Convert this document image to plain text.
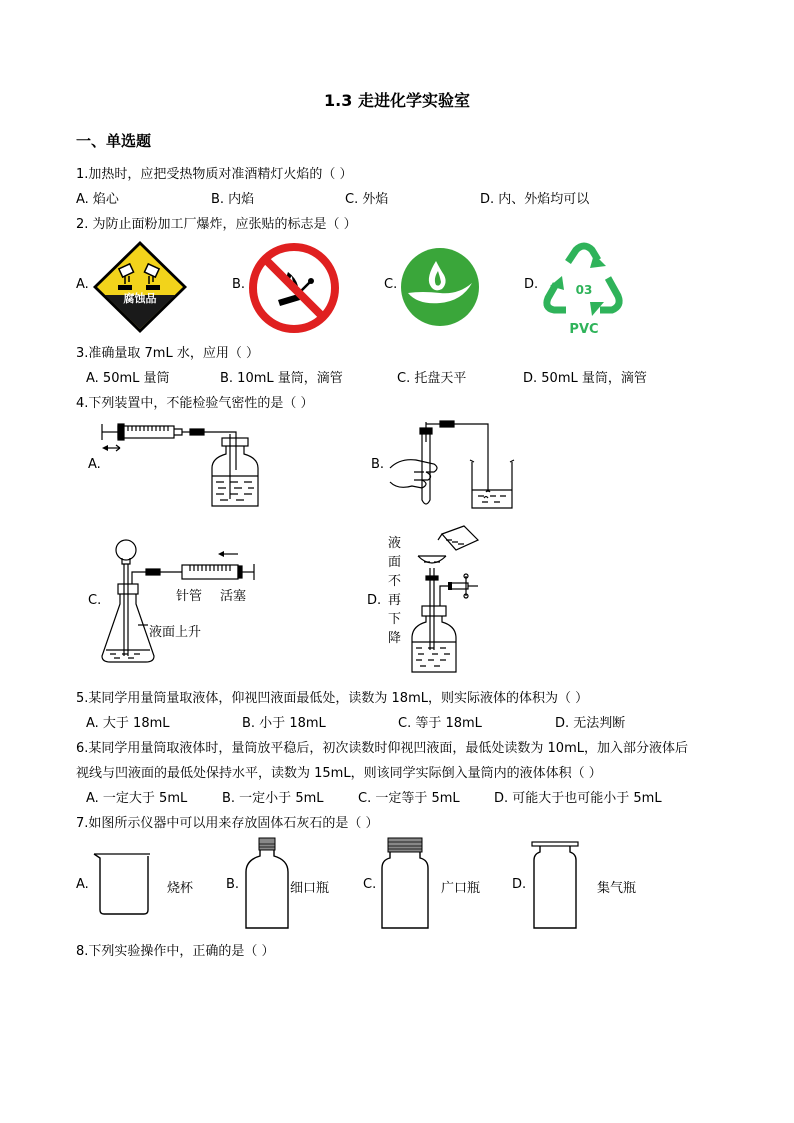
1.3 走进化学实验室
一、单选题
1.加热时，应把受热物质对准酒精灯火焰的（ ）
A. 焰心	B. 内焰	C. 外焰	D. 内、外焰均可以
2. 为防止面粉加工厂爆炸，应张贴的标志是（ ）
A.	B.	C.	D.
腐蚀品
03
PVC
3.准确量取 7mL 水，应用（ ）
A. 50mL 量筒	B. 10mL 量筒，滴管	C. 托盘天平	D. 50mL 量筒，滴管
4.下列装置中，不能检验气密性的是（ ）
A.	B.
C.	D.
针管 活塞
液面上升
液面不再下降
5.某同学用量筒量取液体，仰视凹液面最低处，读数为 18mL，则实际液体的体积为（ ）
A. 大于 18mL	B. 小于 18mL	C. 等于 18mL	D. 无法判断
6.某同学用量筒取液体时，量筒放平稳后，初次读数时仰视凹液面，最低处读数为 10mL，加入部分液体后
视线与凹液面的最低处保持水平，读数为 15mL，则该同学实际倒入量筒内的液体体积（ ）
A. 一定大于 5mL	B. 一定小于 5mL	C. 一定等于 5mL	D. 可能大于也可能小于 5mL
7.如图所示仪器中可以用来存放固体石灰石的是（ ）
A.	烧杯	B.	细口瓶	C.	广口瓶 D.	集气瓶
8.下列实验操作中，正确的是（ ）
